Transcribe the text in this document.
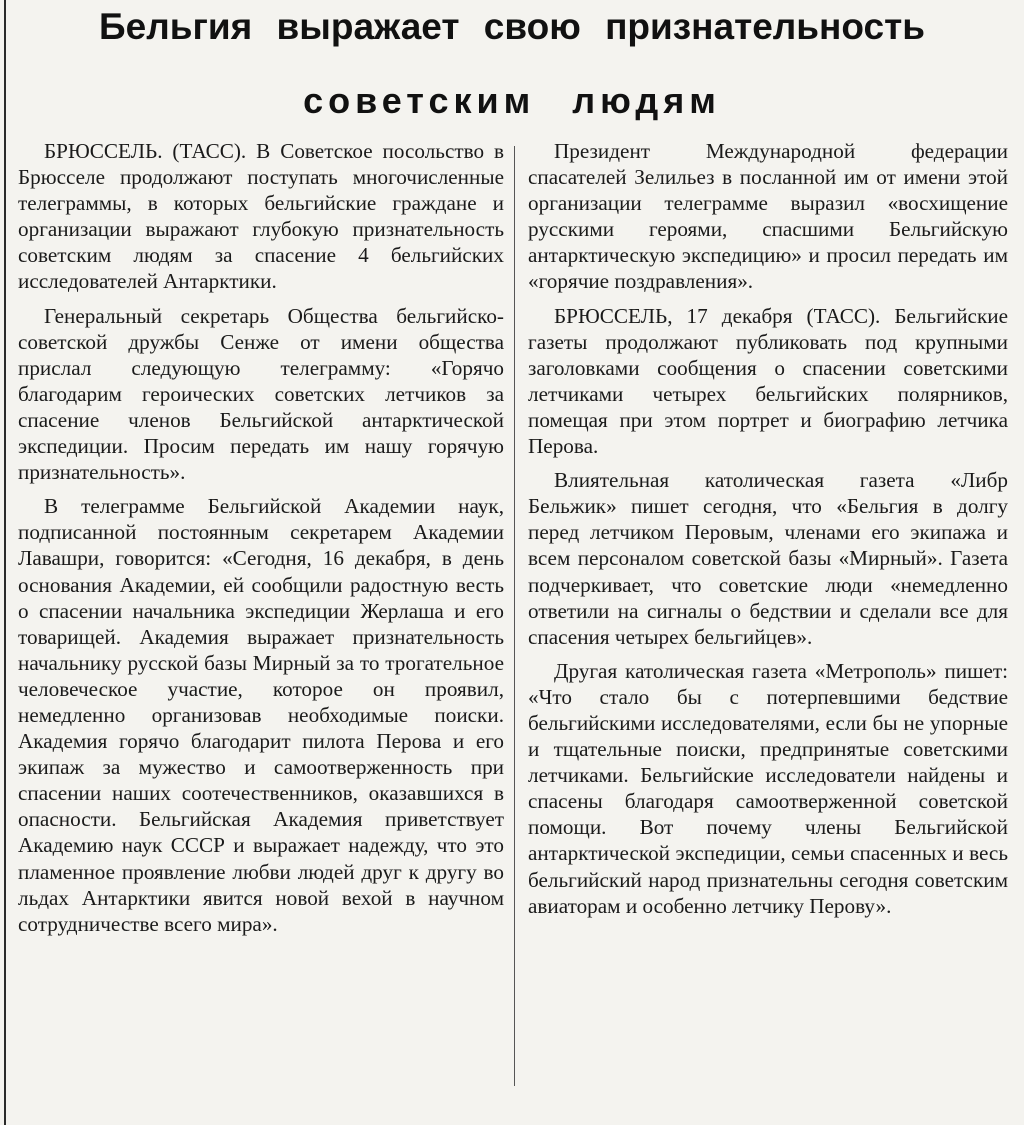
Бельгия выражает свою признательность
советским людям

БРЮССЕЛЬ. (ТАСС). В Советское посольство в Брюсселе продолжают поступать многочисленные телеграммы, в которых бельгийские граждане и организации выражают глубокую признательность советским людям за спасение 4 бельгийских исследователей Антарктики.

Генеральный секретарь Общества бельгийско-советской дружбы Сенже от имени общества прислал следующую телеграмму: «Горячо благодарим героических советских летчиков за спасение членов Бельгийской антарктической экспедиции. Просим передать им нашу горячую признательность».

В телеграмме Бельгийской Академии наук, подписанной постоянным секретарем Академии Лавашри, говорится: «Сегодня, 16 декабря, в день основания Академии, ей сообщили радостную весть о спасении начальника экспедиции Жерлаша и его товарищей. Академия выражает признательность начальнику русской базы Мирный за то трогательное человеческое участие, которое он проявил, немедленно организовав необходимые поиски. Академия горячо благодарит пилота Перова и его экипаж за мужество и самоотверженность при спасении наших соотечественников, оказавшихся в опасности. Бельгийская Академия приветствует Академию наук СССР и выражает надежду, что это пламенное проявление любви людей друг к другу во льдах Антарктики явится новой вехой в научном сотрудничестве всего мира».

Президент Международной федерации спасателей Зелильез в посланной им от имени этой организации телеграмме выразил «восхищение русскими героями, спасшими Бельгийскую антарктическую экспедицию» и просил передать им «горячие поздравления».

БРЮССЕЛЬ, 17 декабря (ТАСС). Бельгийские газеты продолжают публиковать под крупными заголовками сообщения о спасении советскими летчиками четырех бельгийских полярников, помещая при этом портрет и биографию летчика Перова.

Влиятельная католическая газета «Либр Бельжик» пишет сегодня, что «Бельгия в долгу перед летчиком Перовым, членами его экипажа и всем персоналом советской базы «Мирный». Газета подчеркивает, что советские люди «немедленно ответили на сигналы о бедствии и сделали все для спасения четырех бельгийцев».

Другая католическая газета «Метрополь» пишет: «Что стало бы с потерпевшими бедствие бельгийскими исследователями, если бы не упорные и тщательные поиски, предпринятые советскими летчиками. Бельгийские исследователи найдены и спасены благодаря самоотверженной советской помощи. Вот почему члены Бельгийской антарктической экспедиции, семьи спасенных и весь бельгийский народ признательны сегодня советским авиаторам и особенно летчику Перову».
